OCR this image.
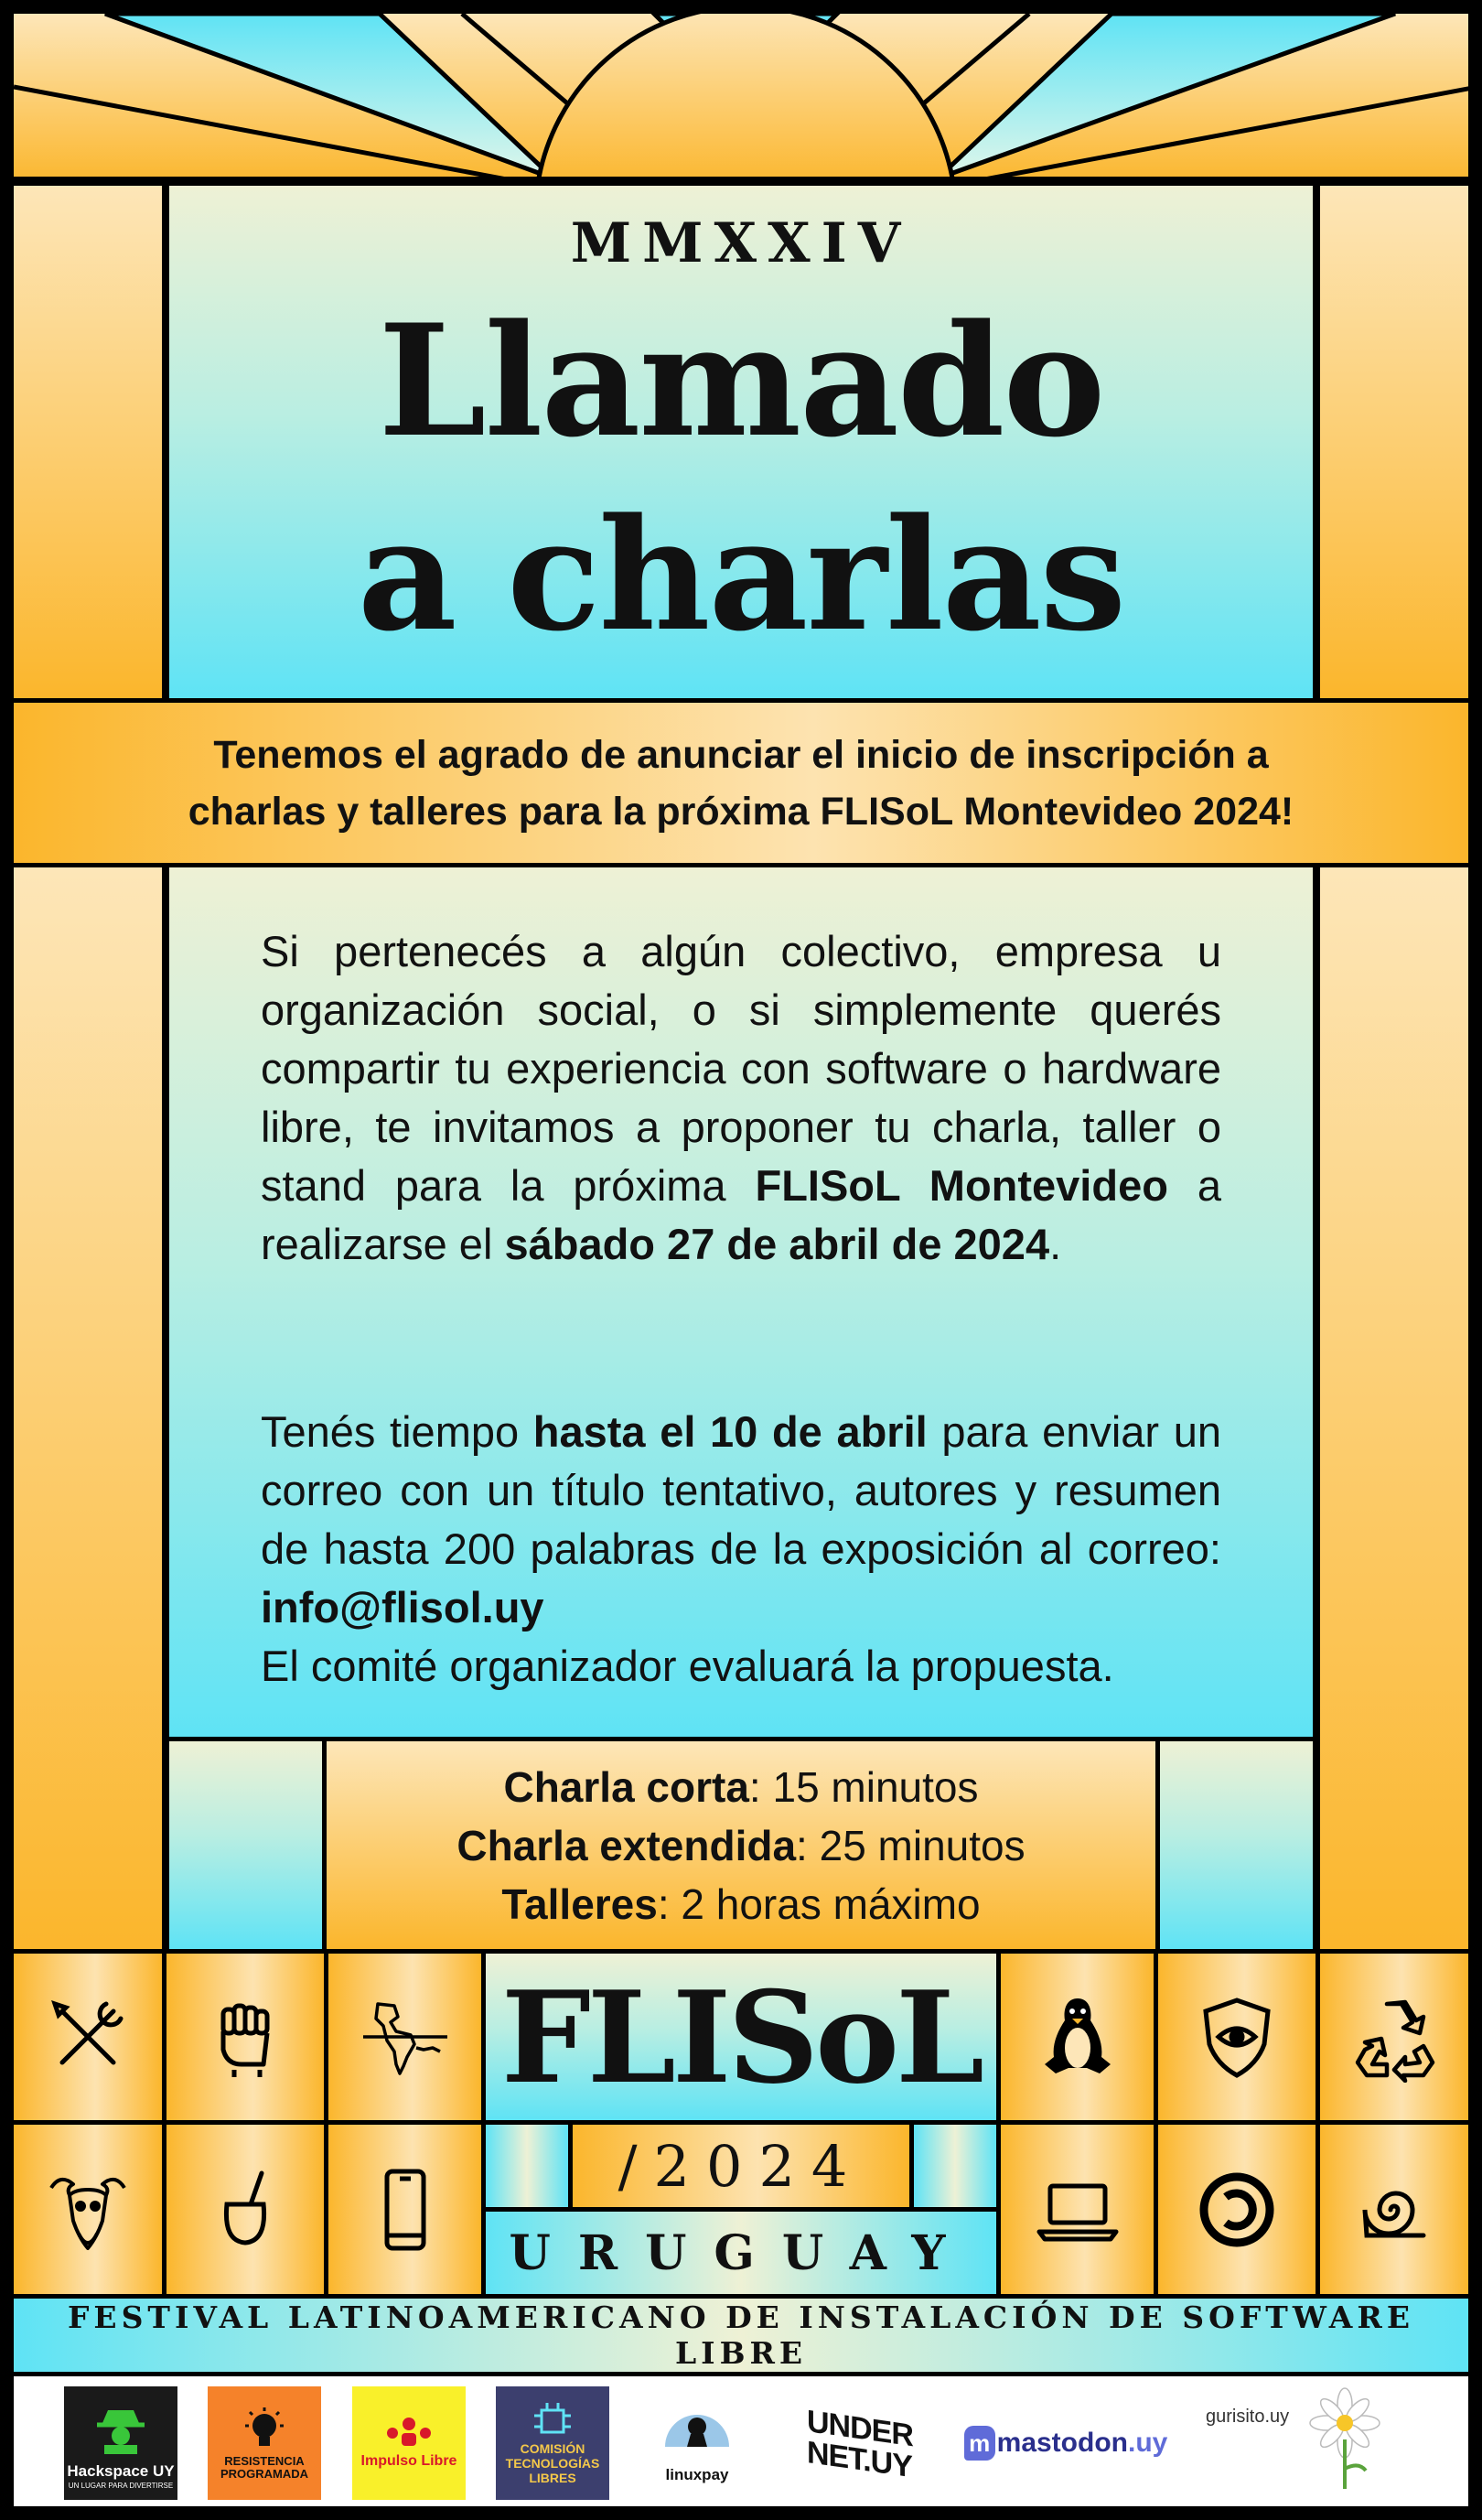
MMXXIV
Llamado
a charlas
Tenemos el agrado de anunciar el inicio de inscripción a
charlas y talleres para la próxima FLISoL Montevideo 2024!

Si pertenecés a algún colectivo, empresa u organización social, o si simplemente querés compartir tu experiencia con software o hardware libre, te invitamos a proponer tu charla, taller o stand para la próxima FLISoL Montevideo a realizarse el sábado 27 de abril de 2024.

Tenés tiempo hasta el 10 de abril para enviar un correo con un título tentativo, autores y resumen de hasta 200 palabras de la exposición al correo: info@flisol.uy

El comité organizador evaluará la propuesta.

Charla corta: 15 minutos
Charla extendida: 25 minutos
Talleres: 2 horas máximo
FLISoL
/2024
URUGUAY
FESTIVAL LATINOAMERICANO DE INSTALACIÓN DE SOFTWARE LIBRE
Hackspace UY
UN LUGAR PARA DIVERTIRSE
RESISTENCIA PROGRAMADA
Impulso Libre
COMISIÓN TECNOLOGÍAS LIBRES	linuxpay
UNDER NET.UY m mastodon .uy
gurisito.uy
